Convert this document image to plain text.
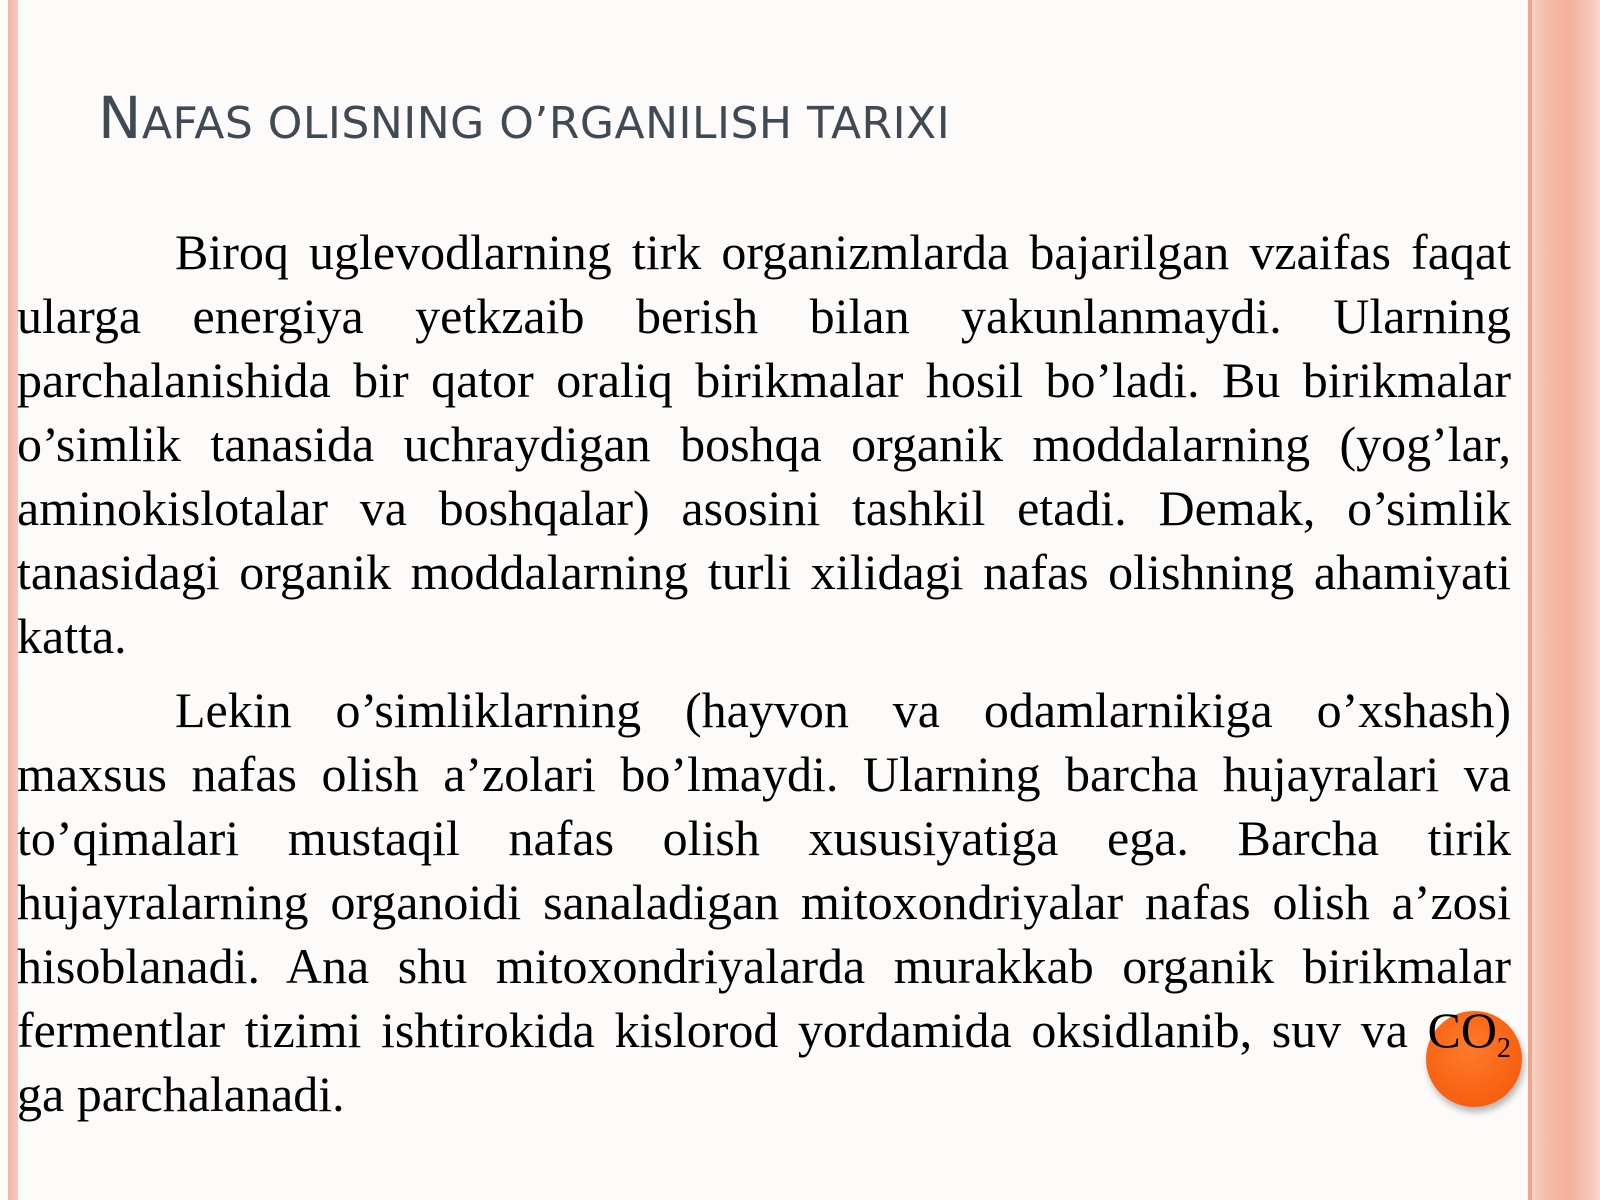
NAFAS OLISNING O’RGANILISH TARIXI

Biroq uglevodlarning tirk organizmlarda bajarilgan vzaifas faqat ularga energiya yetkzaib berish bilan yakunlanmaydi. Ularning parchalanishida bir qator oraliq birikmalar hosil bo’ladi. Bu birikmalar o’simlik tanasida uchraydigan boshqa organik moddalarning (yog’lar, aminokislotalar va boshqalar) asosini tashkil etadi. Demak, o’simlik tanasidagi organik moddalarning turli xilidagi nafas olishning ahamiyati katta.

Lekin o’simliklarning (hayvon va odamlarnikiga o’xshash) maxsus nafas olish a’zolari bo’lmaydi. Ularning barcha hujayralari va to’qimalari mustaqil nafas olish xususiyatiga ega. Barcha tirik hujayralarning organoidi sanaladigan mitoxondriyalar nafas olish a’zosi hisoblanadi. Ana shu mitoxondriyalarda murakkab organik birikmalar fermentlar tizimi ishtirokida kislorod yordamida oksidlanib, suv va $CO_2$ ga parchalanadi.
